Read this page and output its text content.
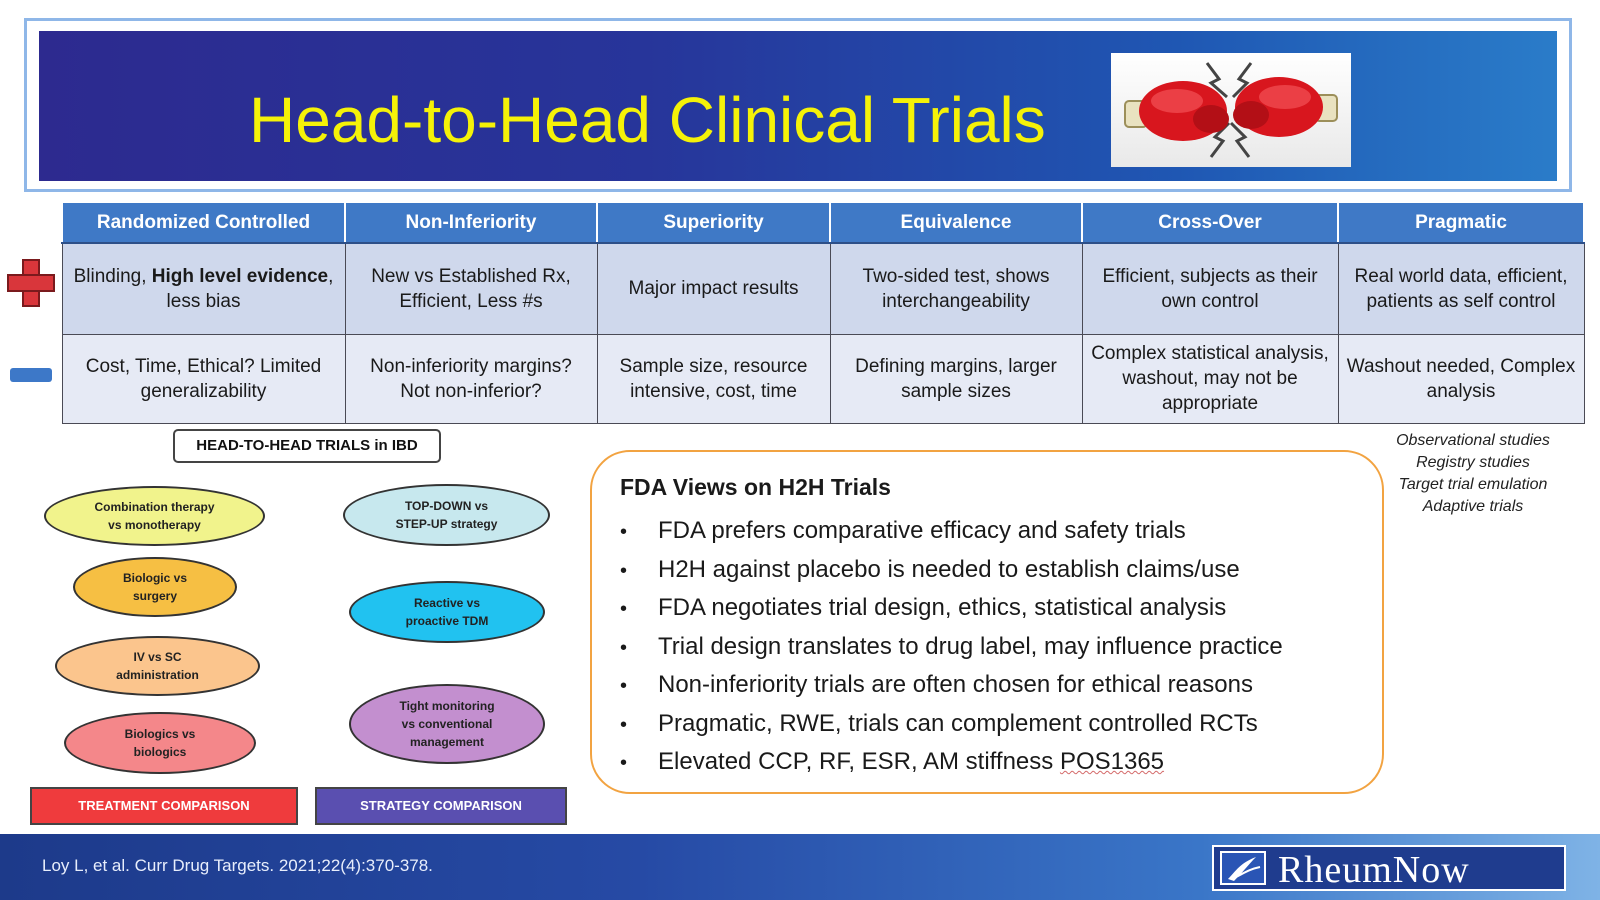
Head-to-Head Clinical Trials
Randomized Controlled	Non-Inferiority	Superiority	Equivalence	Cross-Over	Pragmatic
Blinding, High level evidence, less bias	New vs Established Rx, Efficient, Less #s	Major impact results	Two-sided test, shows interchangeability	Efficient, subjects as their own control	Real world data, efficient, patients as self control
Cost, Time, Ethical? Limited generalizability	Non-inferiority margins? Not non-inferior?	Sample size, resource intensive, cost, time	Defining margins, larger sample sizes	Complex statistical analysis, washout, may not be appropriate	Washout needed, Complex analysis
HEAD-TO-HEAD TRIALS in IBD
Combination therapy
vs monotherapy
Biologic vs
surgery
IV vs SC
administration
Biologics vs
biologics
TOP-DOWN vs
STEP-UP strategy
Reactive vs
proactive TDM
Tight monitoring
vs conventional
management
TREATMENT COMPARISON	STRATEGY COMPARISON
FDA Views on H2H Trials
• FDA prefers comparative efficacy and safety trials
• H2H against placebo is needed to establish claims/use
• FDA negotiates trial design, ethics, statistical analysis
• Trial design translates to drug label, may influence practice
• Non-inferiority trials are often chosen for ethical reasons
• Pragmatic, RWE, trials can complement controlled RCTs
• Elevated CCP, RF, ESR, AM stiffness POS1365
Observational studies
Registry studies
Target trial emulation
Adaptive trials
Loy L, et al. Curr Drug Targets. 2021;22(4):370-378.	RheumNow
